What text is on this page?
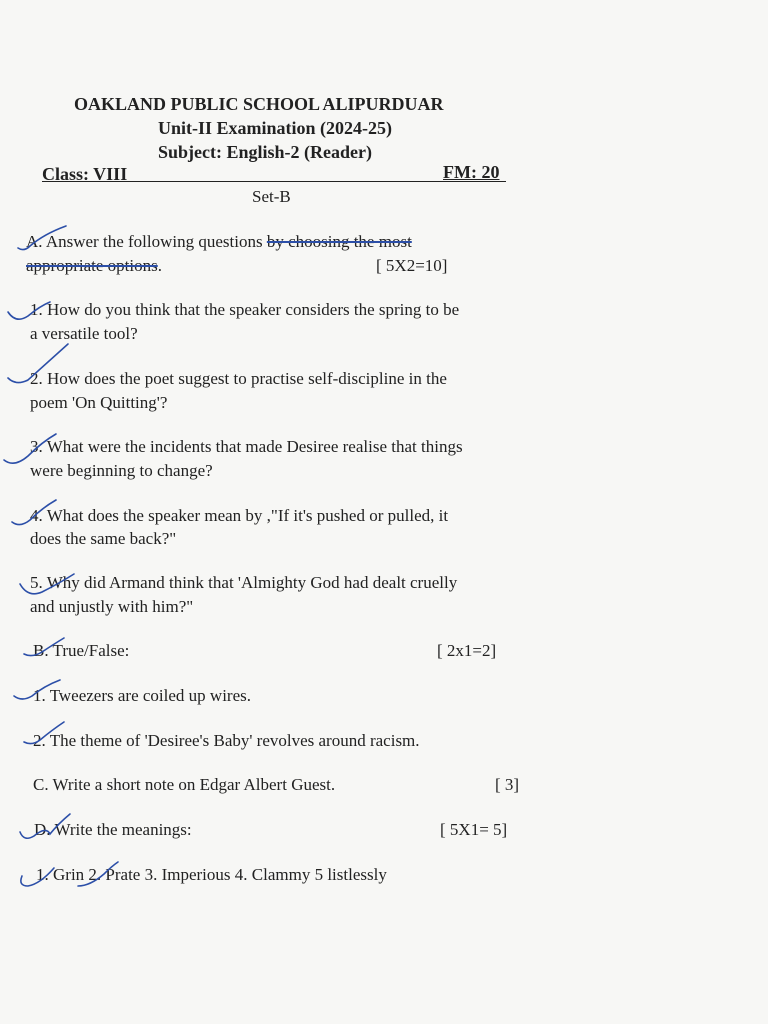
OAKLAND PUBLIC SCHOOL ALIPURDUAR
Unit-II Examination (2024-25)
Subject: English-2 (Reader)
Class: VIII	FM: 20
Set-B
A. Answer the following questions by choosing the most
appropriate options.	[ 5X2=10]
1. How do you think that the speaker considers the spring to be
a versatile tool?
2. How does the poet suggest to practise self-discipline in the
poem 'On Quitting'?
3. What were the incidents that made Desiree realise that things
were beginning to change?
4. What does the speaker mean by ,"If it's pushed or pulled, it
does the same back?"
5. Why did Armand think that 'Almighty God had dealt cruelly
and unjustly with him?"
B. True/False:	[ 2x1=2]
1. Tweezers are coiled up wires.
2. The theme of 'Desiree's Baby' revolves around racism.
C. Write a short note on Edgar Albert Guest.	[ 3]
D. Write the meanings:	[ 5X1= 5]
1. Grin 2. Prate 3. Imperious 4. Clammy 5 listlessly
